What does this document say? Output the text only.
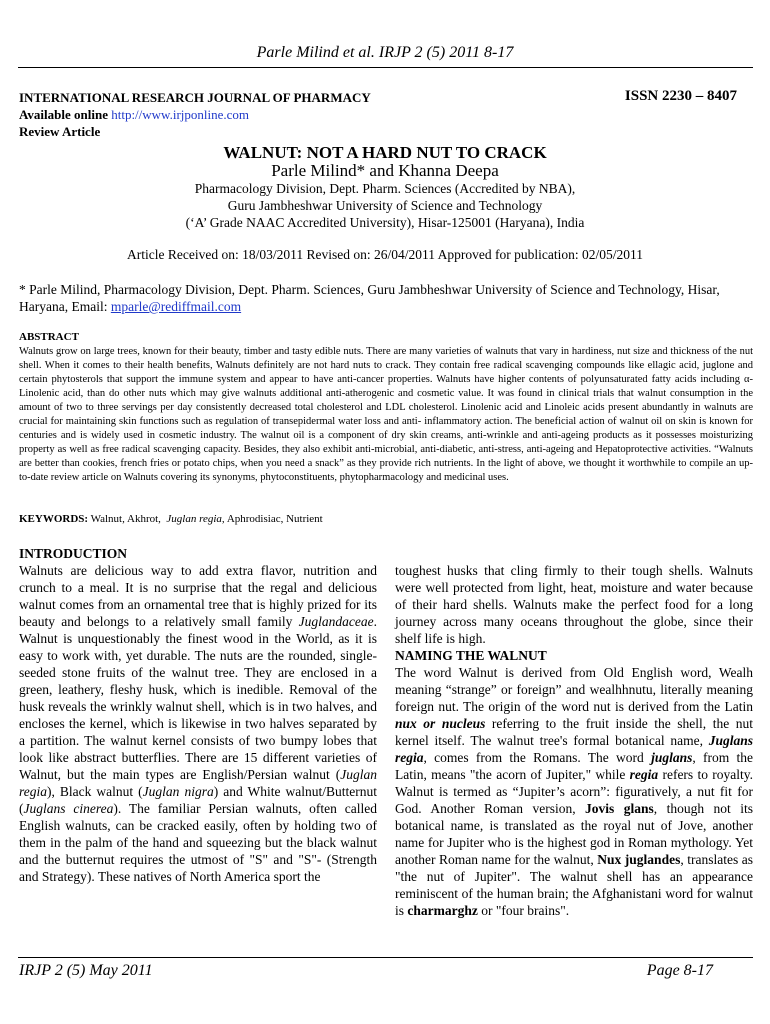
Parle Milind et al. IRJP 2 (5) 2011 8-17
INTERNATIONAL RESEARCH JOURNAL OF PHARMACY	ISSN 2230 – 8407
Available online http://www.irjponline.com
Review Article
WALNUT: NOT A HARD NUT TO CRACK
Parle Milind* and Khanna Deepa
Pharmacology Division, Dept. Pharm. Sciences (Accredited by NBA),
Guru Jambheshwar University of Science and Technology
(‘A’ Grade NAAC Accredited University), Hisar-125001 (Haryana), India
Article Received on: 18/03/2011 Revised on: 26/04/2011 Approved for publication: 02/05/2011
* Parle Milind, Pharmacology Division, Dept. Pharm. Sciences, Guru Jambheshwar University of Science and Technology, Hisar, Haryana, Email: mparle@rediffmail.com
ABSTRACT
Walnuts grow on large trees, known for their beauty, timber and tasty edible nuts. There are many varieties of walnuts that vary in hardiness, nut size and thickness of the nut shell. When it comes to their health benefits, Walnuts definitely are not hard nuts to crack. They contain free radical scavenging compounds like ellagic acid, juglone and certain phytosterols that support the immune system and appear to have anti-cancer properties. Walnuts have higher contents of polyunsaturated fatty acids including α-Linolenic acid, than do other nuts which may give walnuts additional anti-atherogenic and cosmetic value. It was found in clinical trials that walnut consumption in the amount of two to three servings per day consistently decreased total cholesterol and LDL cholesterol. Linolenic acid and Linoleic acids present abundantly in walnuts are crucial for maintaining skin functions such as regulation of transepidermal water loss and anti- inflammatory action. The beneficial action of walnut oil on skin is known for centuries and is widely used in cosmetic industry. The walnut oil is a component of dry skin creams, anti-wrinkle and anti-ageing products as it possesses moisturizing property as well as free radical scavenging capacity. Besides, they also exhibit anti-microbial, anti-diabetic, anti-stress, anti-ageing and Hepatoprotective activities. “Walnuts are better than cookies, french fries or potato chips, when you need a snack” as they provide rich nutrients. In the light of above, we thought it worthwhile to compile an up-to-date review article on Walnuts covering its synonyms, phytoconstituents, phytopharmacology and medicinal uses.
KEYWORDS: Walnut, Akhrot, Juglan regia, Aphrodisiac, Nutrient
INTRODUCTION

Walnuts are delicious way to add extra flavor, nutrition and crunch to a meal. It is no surprise that the regal and delicious walnut comes from an ornamental tree that is highly prized for its beauty and belongs to a relatively small family Juglandaceae. Walnut is unquestionably the finest wood in the World, as it is easy to work with, yet durable. The nuts are the rounded, single-seeded stone fruits of the walnut tree. They are enclosed in a green, leathery, fleshy husk, which is inedible. Removal of the husk reveals the wrinkly walnut shell, which is in two halves, and encloses the kernel, which is likewise in two halves separated by a partition. The walnut kernel consists of two bumpy lobes that look like abstract butterflies. There are 15 different varieties of Walnut, but the main types are English/Persian walnut (Juglan regia), Black walnut (Juglan nigra) and White walnut/Butternut (Juglans cinerea). The familiar Persian walnuts, often called English walnuts, can be cracked easily, often by holding two of them in the palm of the hand and squeezing but the black walnut and the butternut requires the utmost of "S" and "S"- (Strength and Strategy). These natives of North America sport the

toughest husks that cling firmly to their tough shells. Walnuts were well protected from light, heat, moisture and water because of their hard shells. Walnuts make the perfect food for a long journey across many oceans throughout the globe, since their shelf life is high.

NAMING THE WALNUT

The word Walnut is derived from Old English word, Wealh meaning “strange” or foreign” and wealhhnutu, literally meaning foreign nut. The origin of the word nut is derived from the Latin nux or nucleus referring to the fruit inside the shell, the nut kernel itself. The walnut tree's formal botanical name, Juglans regia, comes from the Romans. The word juglans, from the Latin, means "the acorn of Jupiter," while regia refers to royalty. Walnut is termed as “Jupiter’s acorn”: figuratively, a nut fit for God. Another Roman version, Jovis glans, though not its botanical name, is translated as the royal nut of Jove, another name for Jupiter who is the highest god in Roman mythology. Yet another Roman name for the walnut, Nux juglandes, translates as "the nut of Jupiter". The walnut shell has an appearance reminiscent of the human brain; the Afghanistani word for walnut is charmarghz or "four brains".

IRJP 2 (5) May 2011	Page 8-17
